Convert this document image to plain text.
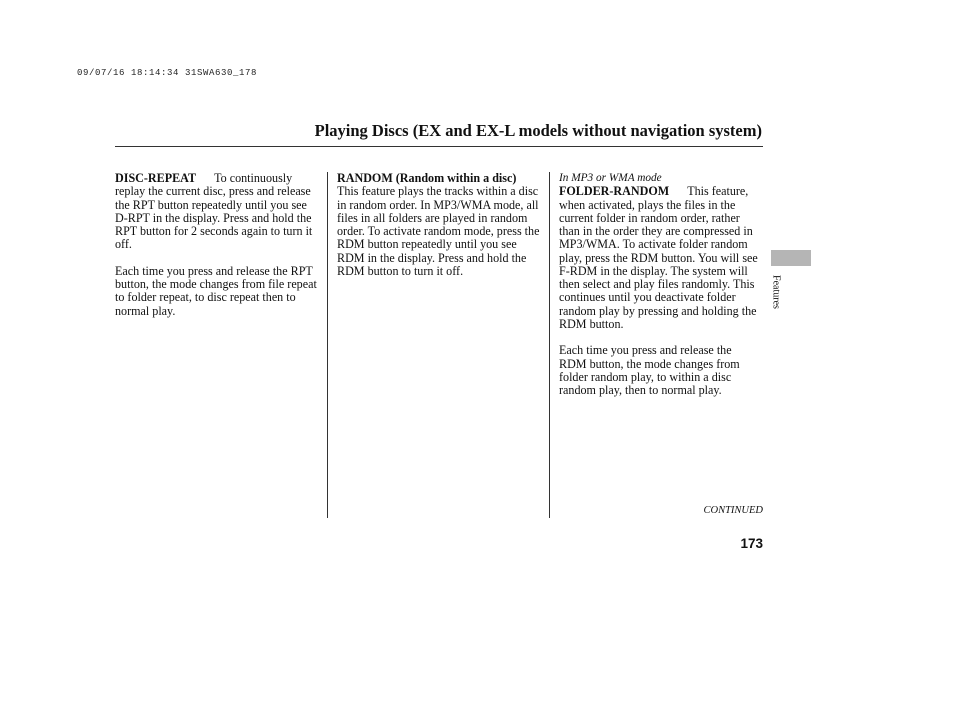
09/07/16 18:14:34 31SWA630_178
Playing Discs (EX and EX-L models without navigation system)

DISC-REPEAT To continuously replay the current disc, press and release the RPT button repeatedly until you see D-RPT in the display. Press and hold the RPT button for 2 seconds again to turn it off.

Each time you press and release the RPT button, the mode changes from file repeat to folder repeat, to disc repeat then to normal play.

RANDOM (Random within a disc)This feature plays the tracks within a disc in random order. In MP3/WMA mode, all files in all folders are played in random order. To activate random mode, press the RDM button repeatedly until you see RDM in the display. Press and hold the RDM button to turn it off.

In MP3 or WMA mode

FOLDER-RANDOM This feature, when activated, plays the files in the current folder in random order, rather than in the order they are compressed in MP3/WMA. To activate folder random play, press the RDM button. You will see F-RDM in the display. The system will then select and play files randomly. This continues until you deactivate folder random play by pressing and holding the RDM button.

Each time you press and release the RDM button, the mode changes from folder random play, to within a disc random play, then to normal play.

Features
CONTINUED
173
